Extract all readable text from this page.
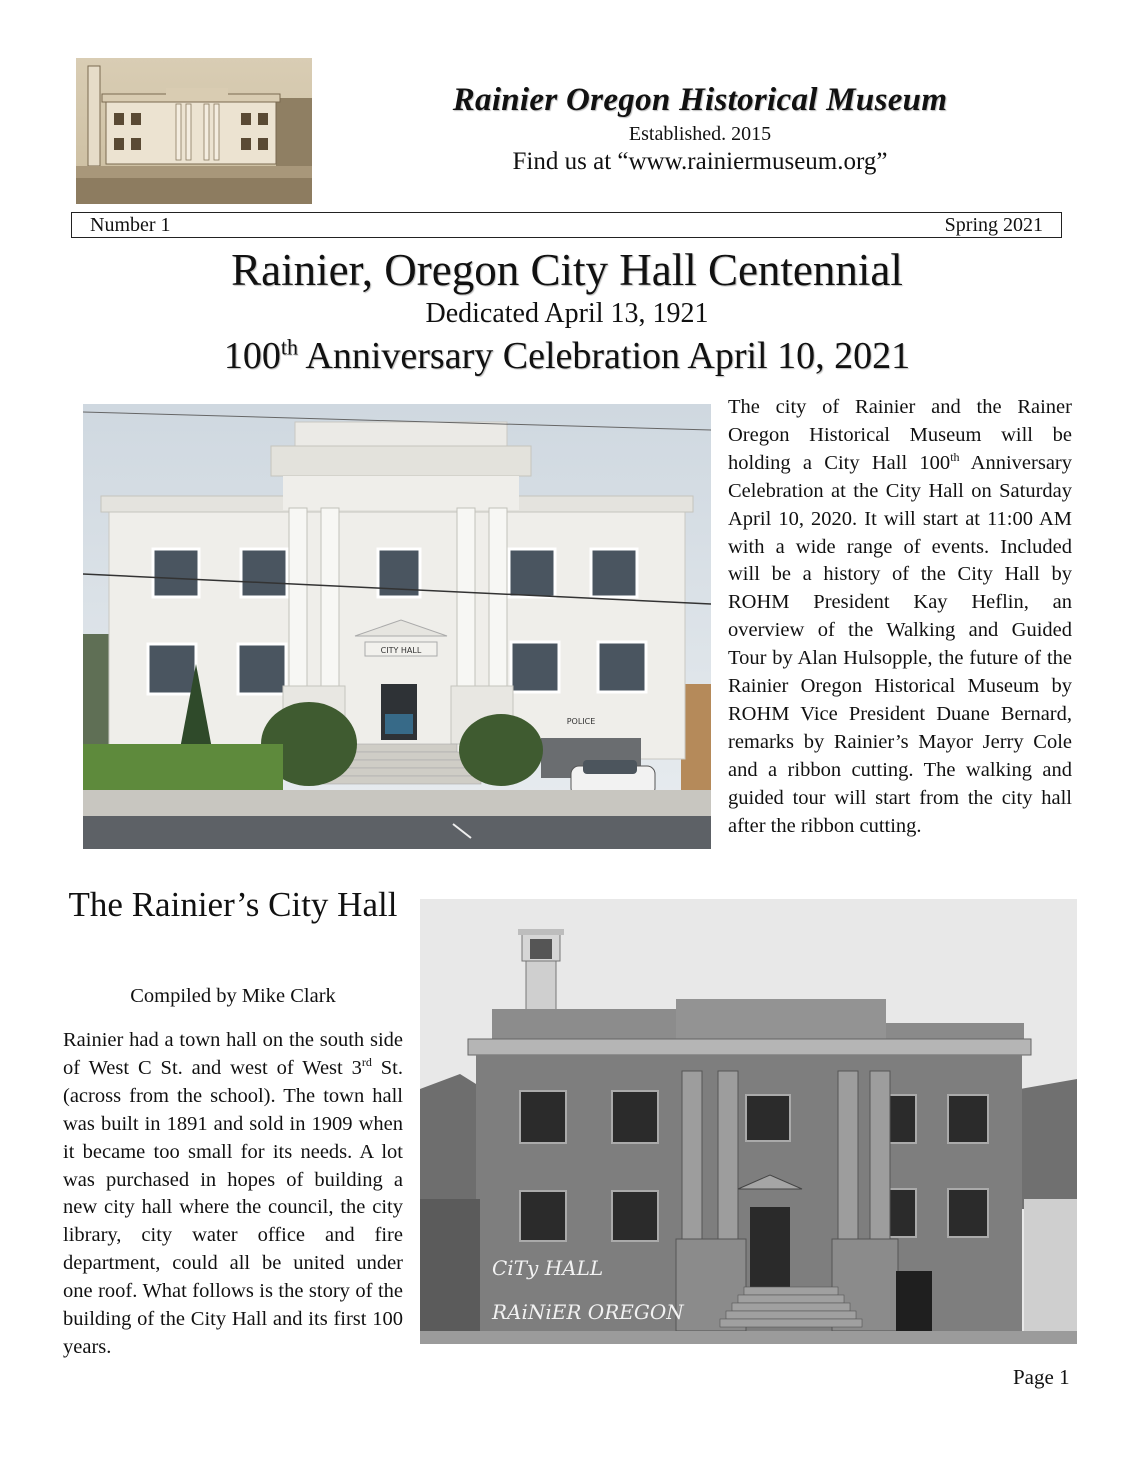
Rainier Oregon Historical Museum
Established. 2015
Find us at “www.rainiermuseum.org”
Number 1	Spring 2021
Rainier, Oregon City Hall Centennial
Dedicated April 13, 1921
100th Anniversary Celebration April 10, 2021
CITY HALL
POLICE
The city of Rainier and the Rainer Oregon Historical Museum will be holding a City Hall 100th Anniversary Celebration at the City Hall on Saturday April 10, 2020. It will start at 11:00 AM with a wide range of events. Included will be a history of the City Hall by ROHM President Kay Heflin, an overview of the Walking and Guided Tour by Alan Hulsopple, the future of the Rainier Oregon Historical Museum by ROHM Vice President Duane Bernard, remarks by Rainier’s Mayor Jerry Cole and a ribbon cutting. The walking and guided tour will start from the city hall after the ribbon cutting.
The Rainier’s City Hall
Compiled by Mike Clark
Rainier had a town hall on the south side of West C St. and west of West 3rd St. (across from the school). The town hall was built in 1891 and sold in 1909 when it became too small for its needs. A lot was purchased in hopes of building a new city hall where the council, the city library, city water office and fire department, could all be united under one roof. What follows is the story of the building of the City Hall and its first 100 years.
CiTy HALL
RAiNiER OREGON
Page 1
